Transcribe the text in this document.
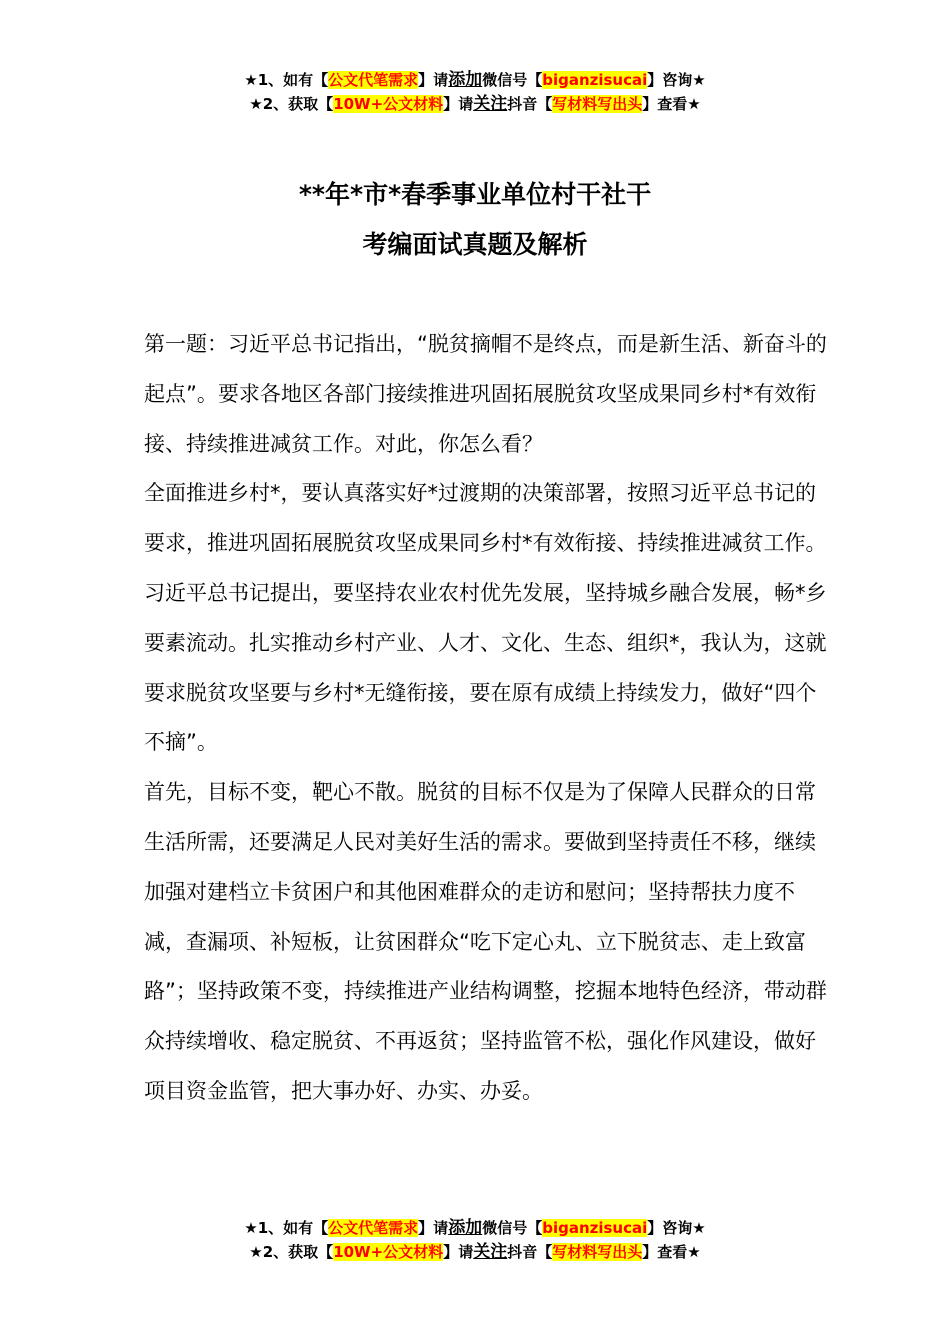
★1、如有【公文代笔需求】请添加微信号【biganzisucai】咨询★
★2、获取【10W+公文材料】请关注抖音【写材料写出头】查看★
**年*市*春季事业单位村干社干
考编面试真题及解析

第一题：习近平总书记指出，“脱贫摘帽不是终点，而是新生活、新奋斗的起点”。要求各地区各部门接续推进巩固拓展脱贫攻坚成果同乡村*有效衔接、持续推进减贫工作。对此，你怎么看？

全面推进乡村*，要认真落实好*过渡期的决策部署，按照习近平总书记的要求，推进巩固拓展脱贫攻坚成果同乡村*有效衔接、持续推进减贫工作。

习近平总书记提出，要坚持农业农村优先发展，坚持城乡融合发展，畅*乡要素流动。扎实推动乡村产业、人才、文化、生态、组织*，我认为，这就要求脱贫攻坚要与乡村*无缝衔接，要在原有成绩上持续发力，做好“四个不摘”。

首先，目标不变，靶心不散。脱贫的目标不仅是为了保障人民群众的日常生活所需，还要满足人民对美好生活的需求。要做到坚持责任不移，继续加强对建档立卡贫困户和其他困难群众的走访和慰问；坚持帮扶力度不减，查漏项、补短板，让贫困群众“吃下定心丸、立下脱贫志、走上致富路”；坚持政策不变，持续推进产业结构调整，挖掘本地特色经济，带动群众持续增收、稳定脱贫、不再返贫；坚持监管不松，强化作风建设，做好项目资金监管，把大事办好、办实、办妥。

★1、如有【公文代笔需求】请添加微信号【biganzisucai】咨询★
★2、获取【10W+公文材料】请关注抖音【写材料写出头】查看★
